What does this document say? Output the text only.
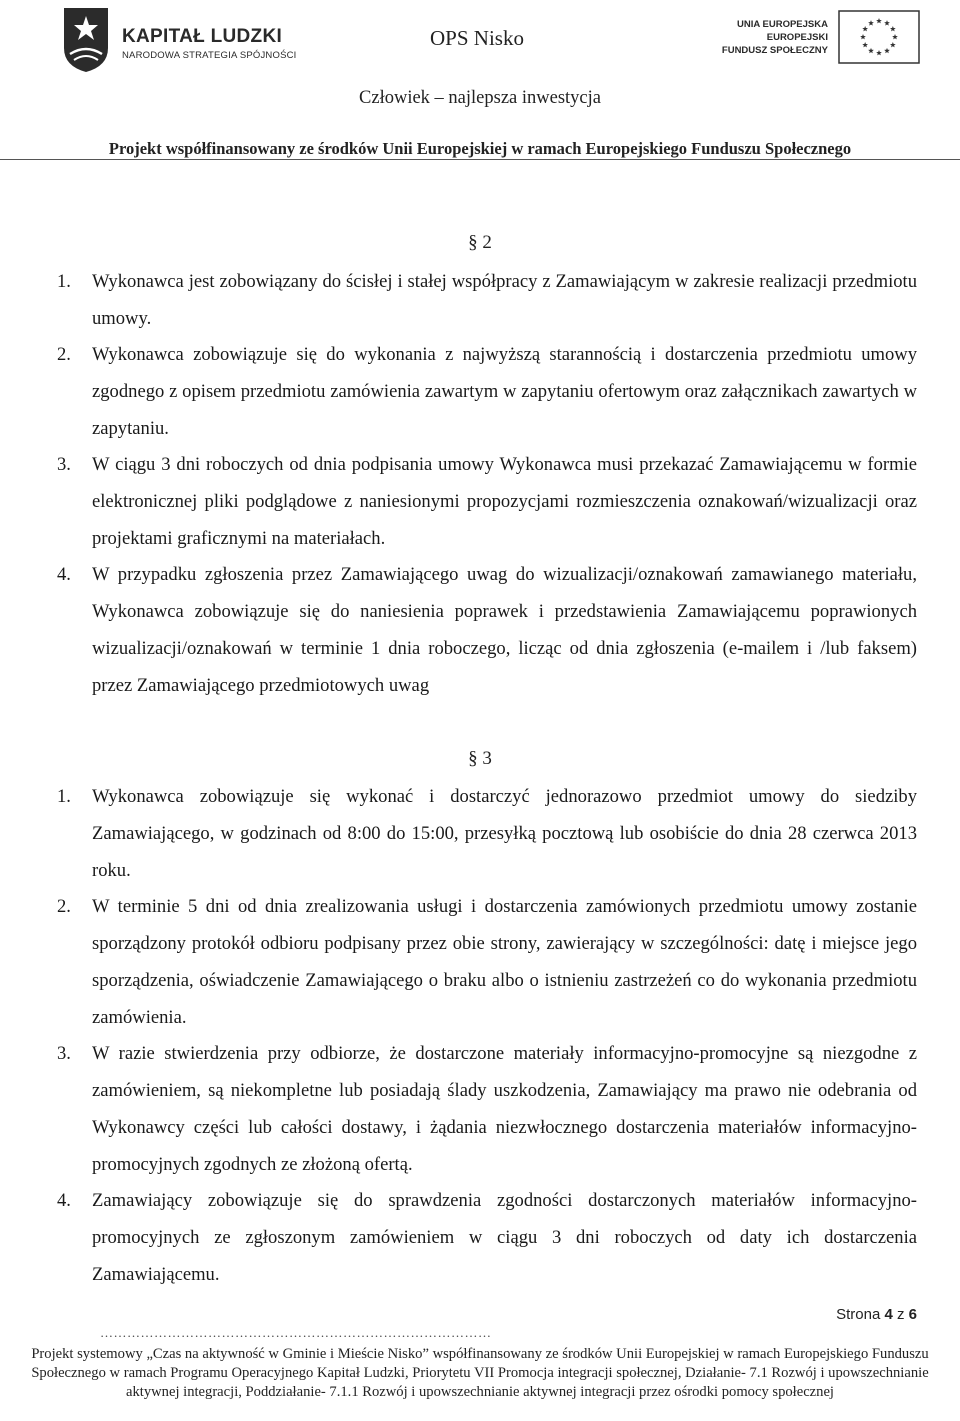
KAPITAŁ LUDZKI
NARODOWA STRATEGIA SPÓJNOŚCI
OPS Nisko
UNIA EUROPEJSKA
EUROPEJSKI
FUNDUSZ SPOŁECZNY
Człowiek – najlepsza inwestycja
Projekt współfinansowany ze środków Unii Europejskiej w ramach Europejskiego Funduszu Społecznego
§ 2
1. Wykonawca jest zobowiązany do ścisłej i stałej współpracy z Zamawiającym w zakresie realizacji przedmiotu umowy.
2. Wykonawca zobowiązuje się do wykonania z najwyższą starannością i dostarczenia przedmiotu umowy zgodnego z opisem przedmiotu zamówienia zawartym w zapytaniu ofertowym oraz załącznikach zawartych w zapytaniu.
3. W ciągu 3 dni roboczych od dnia podpisania umowy Wykonawca musi przekazać Zamawiającemu w formie elektronicznej pliki podglądowe z naniesionymi propozycjami rozmieszczenia oznakowań/wizualizacji oraz projektami graficznymi na materiałach.
4. W przypadku zgłoszenia przez Zamawiającego uwag do wizualizacji/oznakowań zamawianego materiału, Wykonawca zobowiązuje się do naniesienia poprawek i przedstawienia Zamawiającemu poprawionych wizualizacji/oznakowań w terminie 1 dnia roboczego, licząc od dnia zgłoszenia (e-mailem i /lub faksem) przez Zamawiającego przedmiotowych uwag
§ 3
1. Wykonawca zobowiązuje się wykonać i dostarczyć jednorazowo przedmiot umowy do siedziby Zamawiającego, w godzinach od 8:00 do 15:00, przesyłką pocztową lub osobiście do dnia 28 czerwca 2013 roku.
2. W terminie 5 dni od dnia zrealizowania usługi i dostarczenia zamówionych przedmiotu umowy zostanie sporządzony protokół odbioru podpisany przez obie strony, zawierający w szczególności: datę i miejsce jego sporządzenia, oświadczenie Zamawiającego o braku albo o istnieniu zastrzeżeń co do wykonania przedmiotu zamówienia.
3. W razie stwierdzenia przy odbiorze, że dostarczone materiały informacyjno-promocyjne są niezgodne z zamówieniem, są niekompletne lub posiadają ślady uszkodzenia, Zamawiający ma prawo nie odebrania od Wykonawcy części lub całości dostawy, i żądania niezwłocznego dostarczenia materiałów informacyjno-promocyjnych zgodnych ze złożoną ofertą.
4. Zamawiający zobowiązuje się do sprawdzenia zgodności dostarczonych materiałów informacyjno-promocyjnych ze zgłoszonym zamówieniem w ciągu 3 dni roboczych od daty ich dostarczenia Zamawiającemu.
Strona 4 z 6
……………………………………………………………………………
Projekt systemowy „Czas na aktywność w Gminie i Mieście Nisko” współfinansowany ze środków Unii Europejskiej w ramach Europejskiego Funduszu Społecznego w ramach Programu Operacyjnego Kapitał Ludzki, Priorytetu VII Promocja integracji społecznej, Działanie- 7.1 Rozwój i upowszechnianie aktywnej integracji, Poddziałanie- 7.1.1 Rozwój i upowszechnianie aktywnej integracji przez ośrodki pomocy społecznej
